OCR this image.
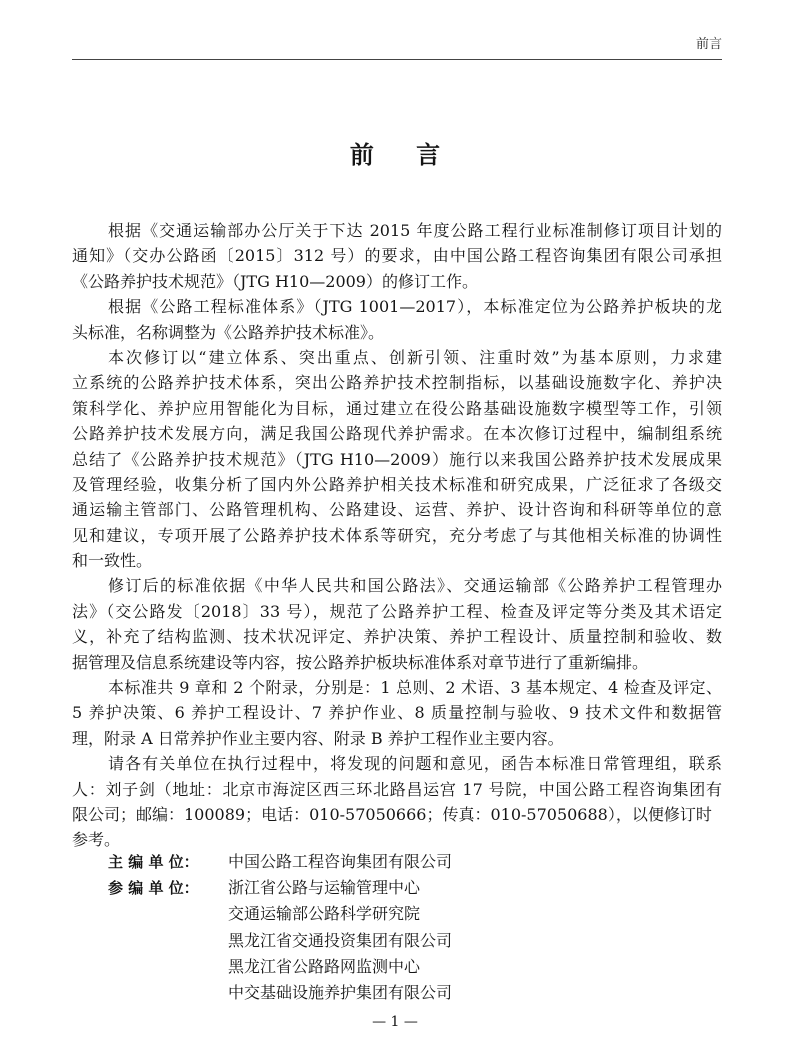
前言
前 言
根据《交通运输部办公厅关于下达 2015 年度公路工程行业标准制修订项目计划的
通知》（交办公路函〔2015〕312 号）的要求，由中国公路工程咨询集团有限公司承担
《公路养护技术规范》（JTG H10—2009）的修订工作。
根据《公路工程标准体系》（JTG 1001—2017），本标准定位为公路养护板块的龙
头标准，名称调整为《公路养护技术标准》。
本次修订以“建立体系、突出重点、创新引领、注重时效”为基本原则，力求建
立系统的公路养护技术体系，突出公路养护技术控制指标，以基础设施数字化、养护决
策科学化、养护应用智能化为目标，通过建立在役公路基础设施数字模型等工作，引领
公路养护技术发展方向，满足我国公路现代养护需求。在本次修订过程中，编制组系统
总结了《公路养护技术规范》（JTG H10—2009）施行以来我国公路养护技术发展成果
及管理经验，收集分析了国内外公路养护相关技术标准和研究成果，广泛征求了各级交
通运输主管部门、公路管理机构、公路建设、运营、养护、设计咨询和科研等单位的意
见和建议，专项开展了公路养护技术体系等研究，充分考虑了与其他相关标准的协调性
和一致性。
修订后的标准依据《中华人民共和国公路法》、交通运输部《公路养护工程管理办
法》（交公路发〔2018〕33 号），规范了公路养护工程、检查及评定等分类及其术语定
义，补充了结构监测、技术状况评定、养护决策、养护工程设计、质量控制和验收、数
据管理及信息系统建设等内容，按公路养护板块标准体系对章节进行了重新编排。
本标准共 9 章和 2 个附录，分别是：1 总则、2 术语、3 基本规定、4 检查及评定、
5 养护决策、6 养护工程设计、7 养护作业、8 质量控制与验收、9 技术文件和数据管
理，附录 A 日常养护作业主要内容、附录 B 养护工程作业主要内容。
请各有关单位在执行过程中，将发现的问题和意见，函告本标准日常管理组，联系
人：刘子剑（地址：北京市海淀区西三环北路昌运宫 17 号院，中国公路工程咨询集团有
限公司；邮编：100089；电话：010-57050666；传真：010-57050688），以便修订时参考。
主 编 单 位： 中国公路工程咨询集团有限公司
参 编 单 位： 浙江省公路与运输管理中心
交通运输部公路科学研究院
黑龙江省交通投资集团有限公司
黑龙江省公路路网监测中心
中交基础设施养护集团有限公司
— 1 —
